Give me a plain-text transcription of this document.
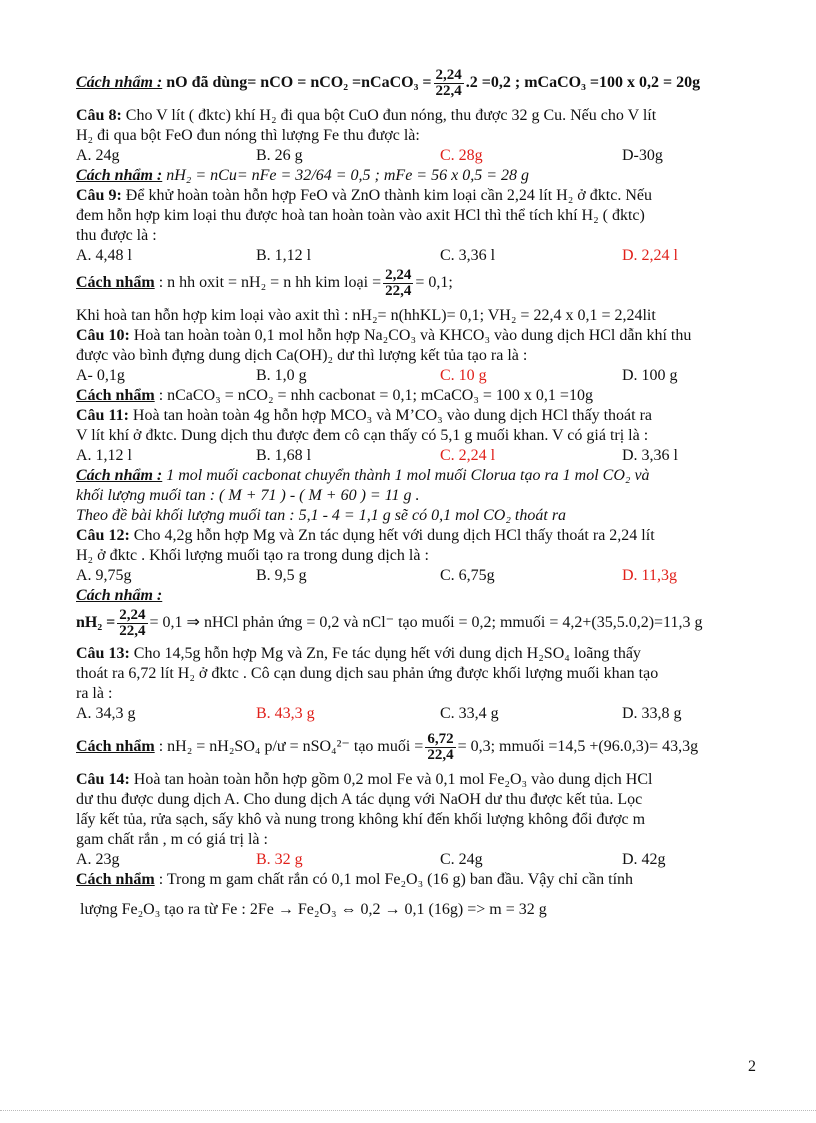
Cách nhẩm :
nO đã dùng= nCO = nCO₂ =nCaCO₃ = $\frac{2,24}{22,4} .2 =0,2$ ; mCaCO₃ =100 x 0,2 = 20g
Câu 8: Cho V lít ( đktc) khí H₂ đi qua bột CuO đun nóng, thu được 32 g Cu. Nếu cho V lít
H₂ đi qua bột FeO đun nóng thì lượng Fe thu được là:
A. 24g	B. 26 g	C. 28g	D-30g
Cách nhẩm : nH₂ = nCu= nFe = 32/64 = 0,5 ; mFe = 56 x 0,5 = 28 g
Câu 9: Để khử hoàn toàn hỗn hợp FeO và ZnO thành kim loại cần 2,24 lít H₂ ở đktc. Nếu
đem hỗn hợp kim loại thu được hoà tan hoàn toàn vào axit HCl thì thể tích khí H₂ ( đktc)
thu được là :
A. 4,48 l	B. 1,12 l	C. 3,36 l	D. 2,24 l
Cách nhẩm
: n hh oxit = nH₂ = n hh kim loại = $\frac{2,24}{22,4} = 0,1$;
Khi hoà tan hỗn hợp kim loại vào axit thì : nH₂= n(hhKL)= 0,1; VH₂ = 22,4 x 0,1 = 2,24lit
Câu 10: Hoà tan hoàn toàn 0,1 mol hỗn hợp Na₂CO₃ và KHCO₃ vào dung dịch HCl dẫn khí thu
được vào bình đựng dung dịch Ca(OH)₂ dư thì lượng kết tủa tạo ra là :
A- 0,1g	B. 1,0 g	C. 10 g	D. 100 g
Cách nhẩm : nCaCO₃ = nCO₂ = nhh cacbonat = 0,1; mCaCO₃ = 100 x 0,1 =10g
Câu 11: Hoà tan hoàn toàn 4g hỗn hợp MCO₃ và M’CO₃ vào dung dịch HCl thấy thoát ra
V lít khí ở đktc. Dung dịch thu được đem cô cạn thấy có 5,1 g muối khan. V có giá trị là :
A. 1,12 l	B. 1,68 l	C. 2,24 l	D. 3,36 l
Cách nhẩm : 1 mol muối cacbonat chuyển thành 1 mol muối Clorua tạo ra 1 mol CO₂ và
khối lượng muối tan : ( M + 71 ) - ( M + 60 ) = 11 g .
Theo đề bài khối lượng muối tan : 5,1 - 4 = 1,1 g sẽ có 0,1 mol CO₂ thoát ra
Câu 12: Cho 4,2g hỗn hợp Mg và Zn tác dụng hết với dung dịch HCl thấy thoát ra 2,24 lít
H₂ ở đktc . Khối lượng muối tạo ra trong dung dịch là :
A. 9,75g	B. 9,5 g	C. 6,75g	D. 11,3g
Cách nhẩm :
$nH_2 = \frac{2,24}{22,4} = 0,1$ ⇒ nHCl phản ứng = 0,2 và nCl⁻ tạo muối = 0,2; mmuối = 4,2+(35,5.0,2)=11,3 g
Câu 13: Cho 14,5g hỗn hợp Mg và Zn, Fe tác dụng hết với dung dịch H₂SO₄ loãng thấy
thoát ra 6,72 lít H₂ ở đktc . Cô cạn dung dịch sau phản ứng được khối lượng muối khan tạo
ra là :
A. 34,3 g	B. 43,3 g	C. 33,4 g	D. 33,8 g
Cách nhẩm
: nH₂ = nH₂SO₄ p/ư = nSO₄²⁻ tạo muối = $\frac{6,72}{22,4} = 0,3$; mmuối =14,5 +(96.0,3)= 43,3g
Câu 14: Hoà tan hoàn toàn hỗn hợp gồm 0,2 mol Fe và 0,1 mol Fe₂O₃ vào dung dịch HCl
dư thu được dung dịch A. Cho dung dịch A tác dụng với NaOH dư thu được kết tủa. Lọc
lấy kết tủa, rửa sạch, sấy khô và nung trong không khí đến khối lượng không đổi được m
gam chất rắn , m có giá trị là :
A. 23g	B. 32 g	C. 24g	D. 42g
Cách nhẩm : Trong m gam chất rắn có 0,1 mol Fe₂O₃ (16 g) ban đầu. Vậy chỉ cần tính
lượng Fe₂O₃ tạo ra từ Fe : 2Fe → Fe₂O₃ ⇔ 0,2 → 0,1 (16g) => m = 32 g
2
